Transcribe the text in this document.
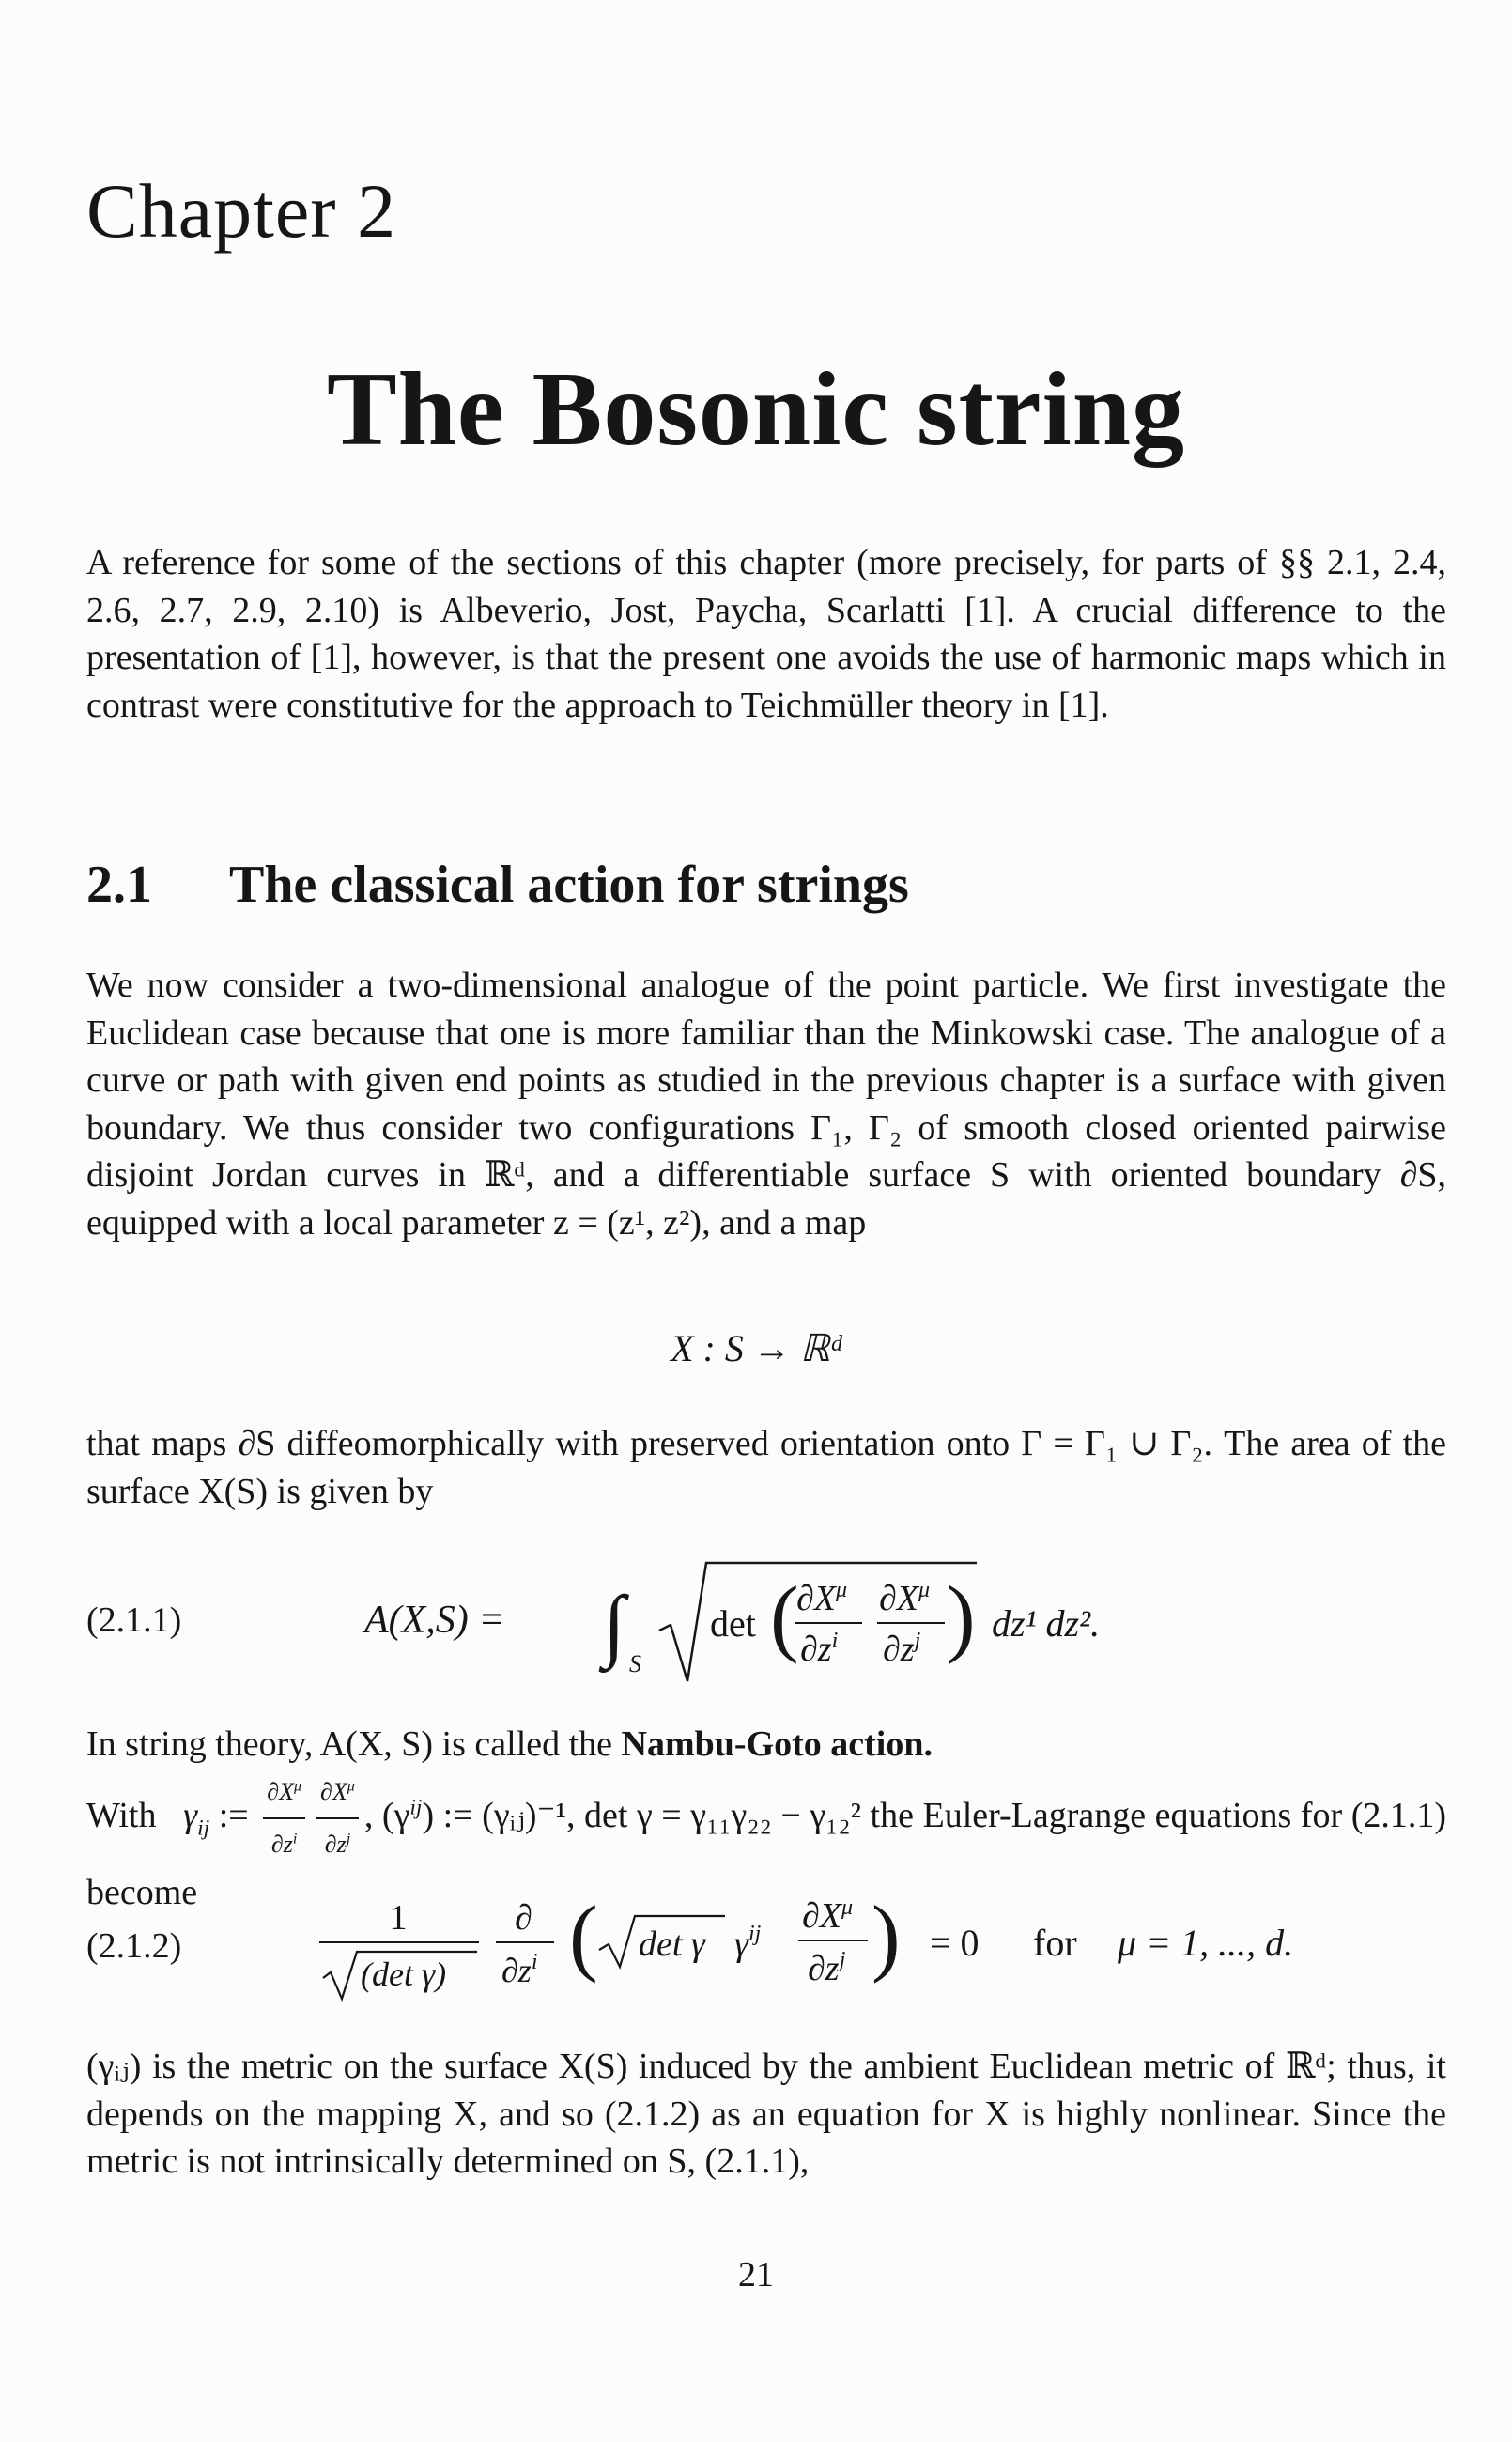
Chapter 2
The Bosonic string
A reference for some of the sections of this chapter (more precisely, for parts of §§ 2.1, 2.4, 2.6, 2.7, 2.9, 2.10) is Albeverio, Jost, Paycha, Scarlatti [1]. A crucial difference to the presentation of [1], however, is that the present one avoids the use of harmonic maps which in contrast were constitutive for the approach to Teichmüller theory in [1].
2.1 The classical action for strings
We now consider a two-dimensional analogue of the point particle. We first investigate the Euclidean case because that one is more familiar than the Minkowski case. The analogue of a curve or path with given end points as studied in the previous chapter is a surface with given boundary. We thus consider two configurations Γ₁, Γ₂ of smooth closed oriented pairwise disjoint Jordan curves in ℝᵈ, and a differentiable surface S with oriented boundary ∂S, equipped with a local parameter z = (z¹, z²), and a map
X : S → ℝᵈ
that maps ∂S diffeomorphically with preserved orientation onto Γ = Γ₁ ∪ Γ₂. The area of the surface X(S) is given by
(2.1.1)	A(X,S) = ∫ S
det (
$\partial X^\mu$
$\partial z^i$
$\partial X^\mu$
$\partial z^j$ ) dz¹ dz².
In string theory, A(X, S) is called the Nambu-Goto action.
With $\gamma_{ij}$ := $\frac{\partial X^\mu}{\partial z^i} \frac{\partial X^\mu}{\partial z^j}$ , $(\gamma^{ij})$ := (γᵢⱼ)⁻¹, det γ = γ₁₁γ₂₂ − γ₁₂² the Euler-Lagrange equations for (2.1.1) become
(2.1.2)
1
(det γ)
∂
$\partial z^i$ ( det γ $\gamma^{ij}$ $\partial X^\mu$
$\partial z^j$ ) = 0 for μ = 1, ..., d.
(γᵢⱼ) is the metric on the surface X(S) induced by the ambient Euclidean metric of ℝᵈ; thus, it depends on the mapping X, and so (2.1.2) as an equation for X is highly nonlinear. Since the metric is not intrinsically determined on S, (2.1.1),
21
